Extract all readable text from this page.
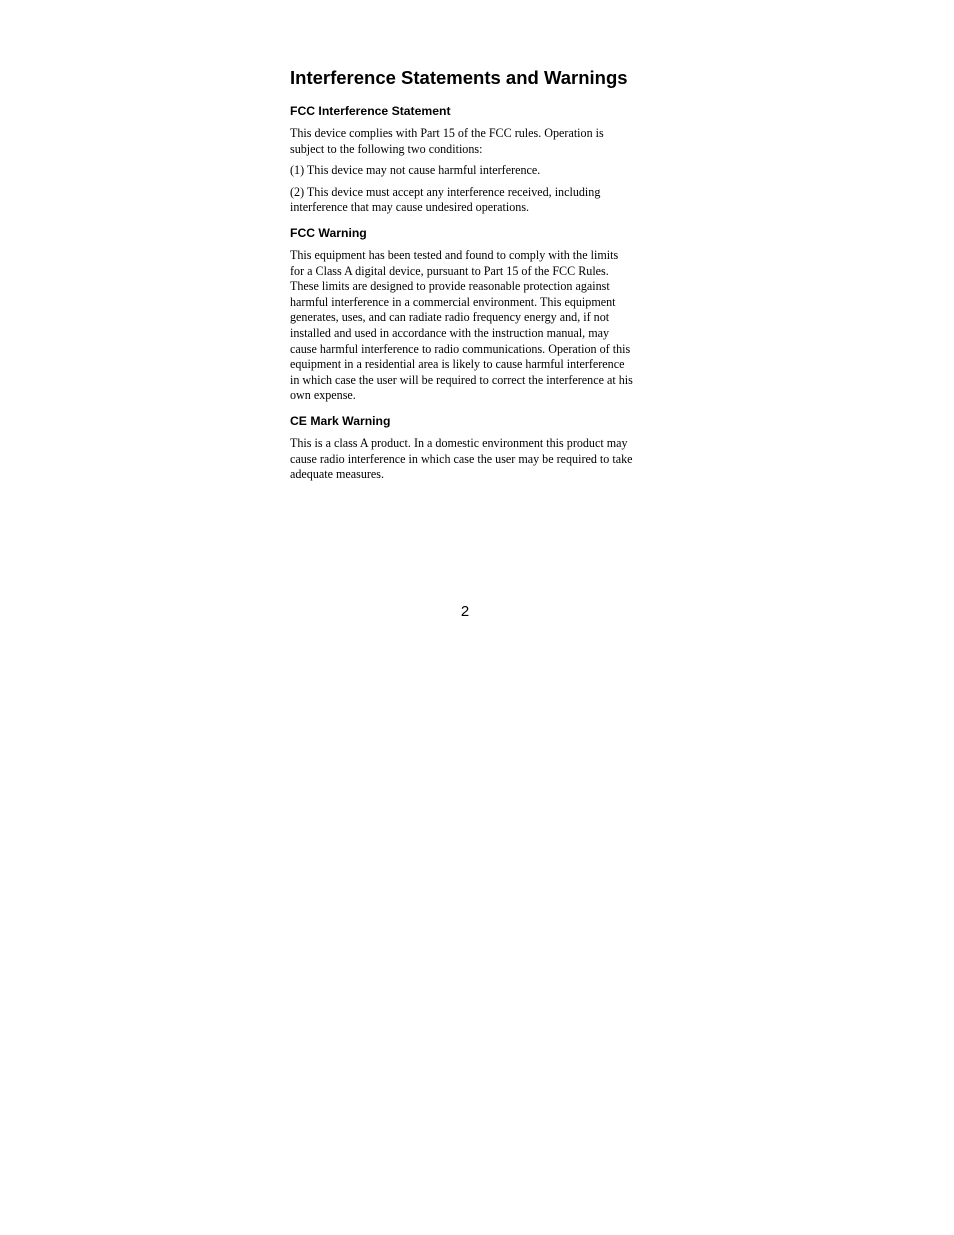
Interference Statements and Warnings
FCC Interference Statement

This device complies with Part 15 of the FCC rules. Operation is subject to the following two conditions:

(1) This device may not cause harmful interference.

(2) This device must accept any interference received, including interference that may cause undesired operations.

FCC Warning

This equipment has been tested and found to comply with the limits for a Class A digital device, pursuant to Part 15 of the FCC Rules. These limits are designed to provide reasonable protection against harmful interference in a commercial environment. This equipment generates, uses, and can radiate radio frequency energy and, if not installed and used in accordance with the instruction manual, may cause harmful interference to radio communications. Operation of this equipment in a residential area is likely to cause harmful interference in which case the user will be required to correct the interference at his own expense.

CE Mark Warning

This is a class A product. In a domestic environment this product may cause radio interference in which case the user may be required to take adequate measures.

2
